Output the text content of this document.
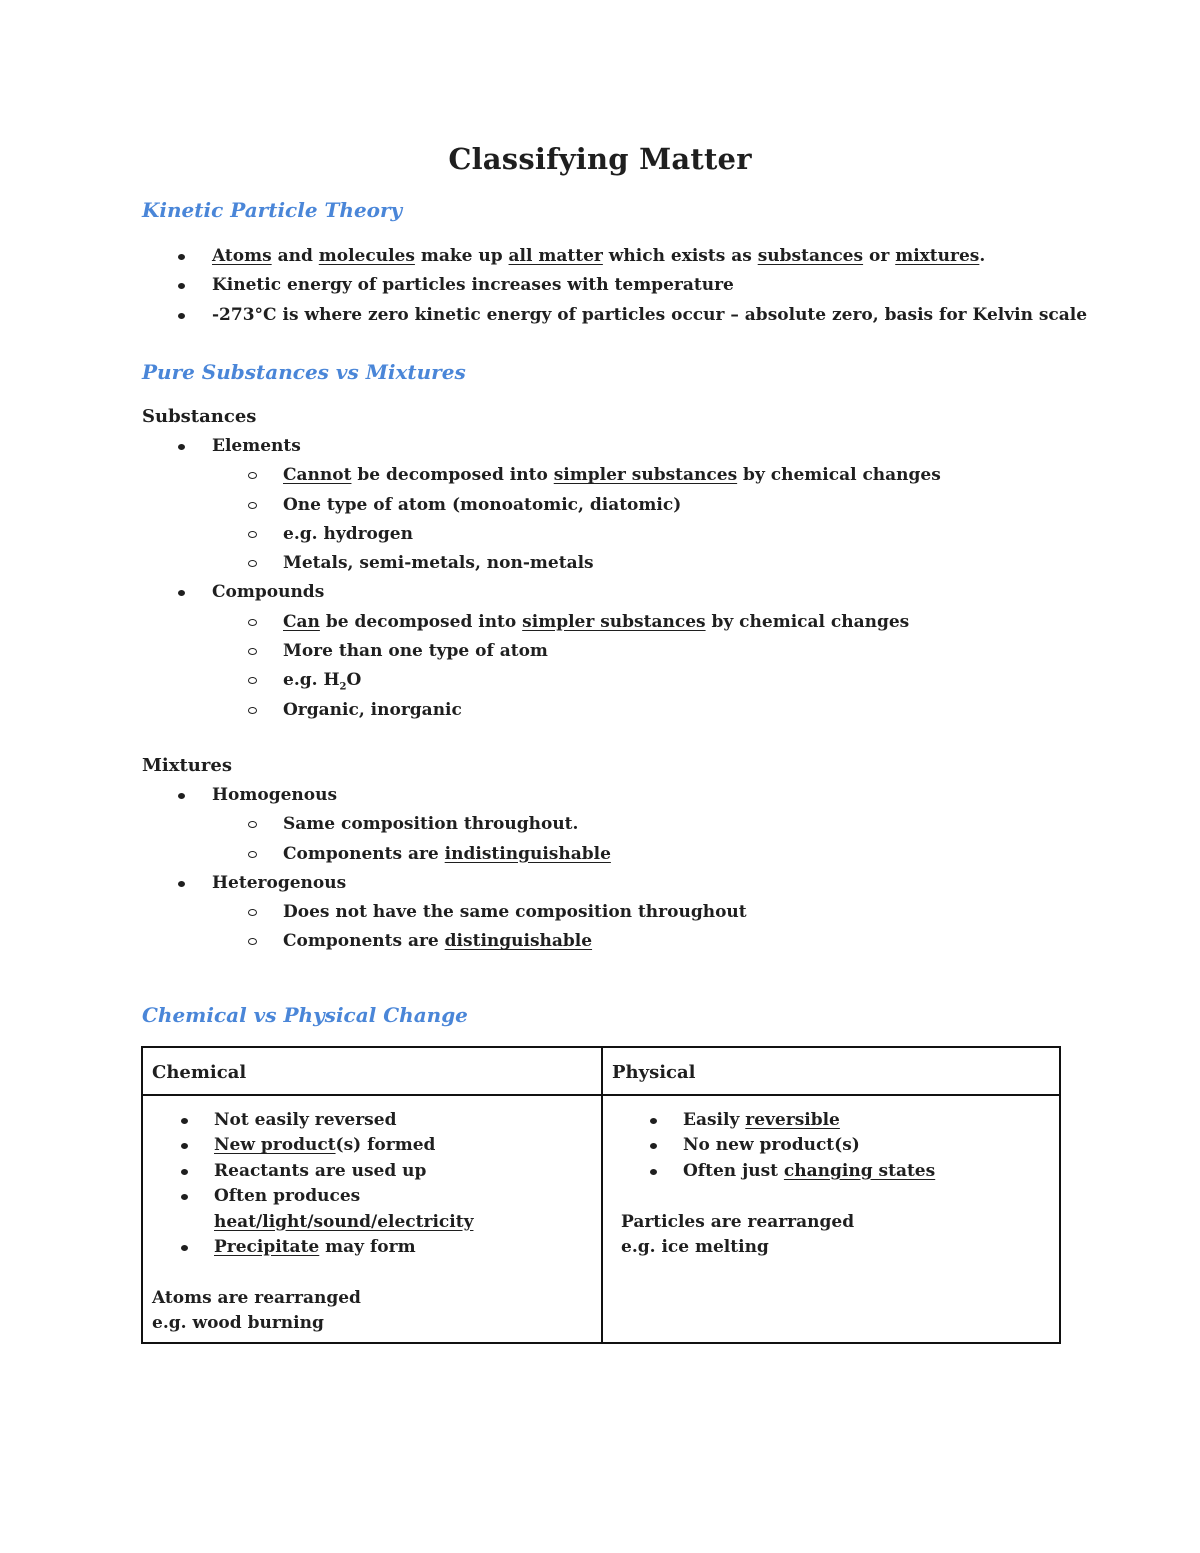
Classifying Matter
Kinetic Particle Theory
Atoms and molecules make up all matter which exists as substances or mixtures.
Kinetic energy of particles increases with temperature
-273°C is where zero kinetic energy of particles occur – absolute zero, basis for Kelvin scale
Pure Substances vs Mixtures

Substances

Elements
Cannot be decomposed into simpler substances by chemical changes
One type of atom (monoatomic, diatomic)
e.g. hydrogen
Metals, semi-metals, non-metals
Compounds
Can be decomposed into simpler substances by chemical changes
More than one type of atom
e.g. $H_2O$
Organic, inorganic

Mixtures

Homogenous
Same composition throughout.
Components are indistinguishable
Heterogenous
Does not have the same composition throughout
Components are distinguishable
Chemical vs Physical Change
Chemical	Physical
Not easily reversed
New product(s) formed
Reactants are used up
Often produces
heat/light/sound/electricity
Precipitate may form

Atoms are rearranged

e.g. wood burning

Easily reversible
No new product(s)
Often just changing states

Particles are rearranged

e.g. ice melting
